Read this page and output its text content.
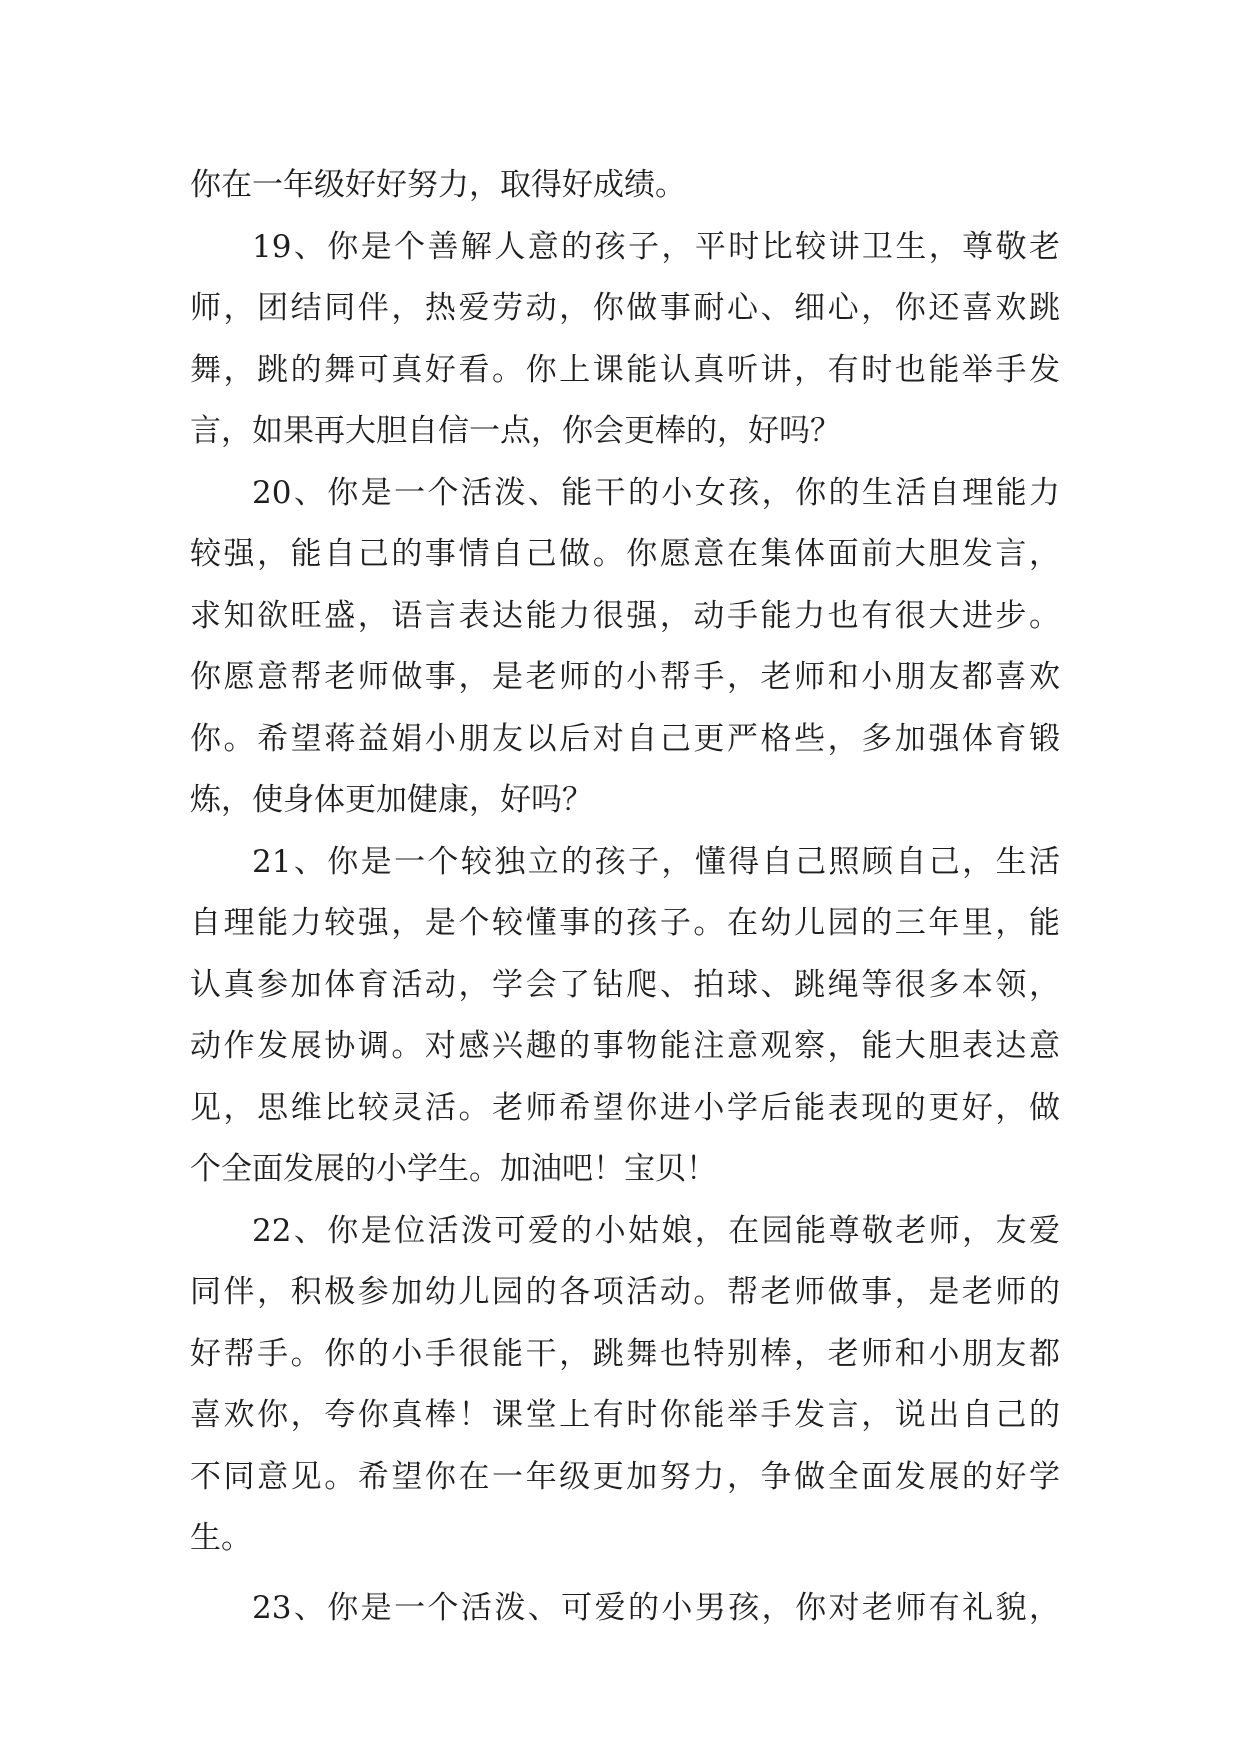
你在一年级好好努力，取得好成绩。
19、你是个善解人意的孩子，平时比较讲卫生，尊敬老
师，团结同伴，热爱劳动，你做事耐心、细心，你还喜欢跳
舞，跳的舞可真好看。你上课能认真听讲，有时也能举手发
言，如果再大胆自信一点，你会更棒的，好吗？
20、你是一个活泼、能干的小女孩，你的生活自理能力
较强，能自己的事情自己做。你愿意在集体面前大胆发言，
求知欲旺盛，语言表达能力很强，动手能力也有很大进步。
你愿意帮老师做事，是老师的小帮手，老师和小朋友都喜欢
你。希望蒋益娟小朋友以后对自己更严格些，多加强体育锻
炼，使身体更加健康，好吗？
21、你是一个较独立的孩子，懂得自己照顾自己，生活
自理能力较强，是个较懂事的孩子。在幼儿园的三年里，能
认真参加体育活动，学会了钻爬、拍球、跳绳等很多本领，
动作发展协调。对感兴趣的事物能注意观察，能大胆表达意
见，思维比较灵活。老师希望你进小学后能表现的更好，做
个全面发展的小学生。加油吧！宝贝！
22、你是位活泼可爱的小姑娘，在园能尊敬老师，友爱
同伴，积极参加幼儿园的各项活动。帮老师做事，是老师的
好帮手。你的小手很能干，跳舞也特别棒，老师和小朋友都
喜欢你，夸你真棒！课堂上有时你能举手发言，说出自己的
不同意见。希望你在一年级更加努力，争做全面发展的好学
生。
23、你是一个活泼、可爱的小男孩，你对老师有礼貌，
